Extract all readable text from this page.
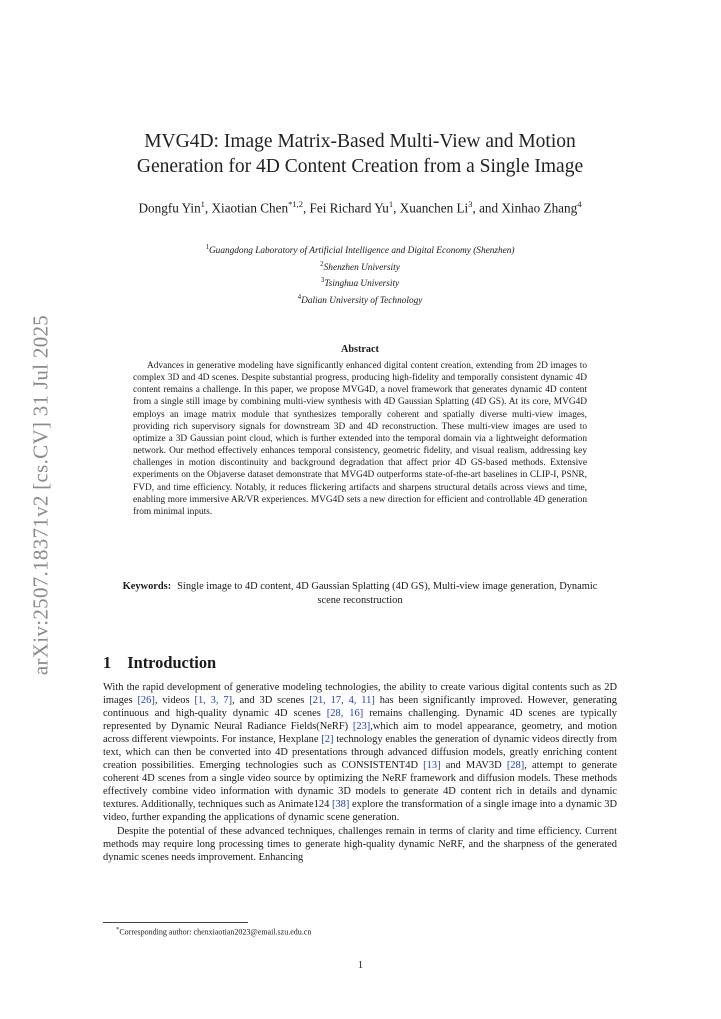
arXiv:2507.18371v2 [cs.CV] 31 Jul 2025
MVG4D: Image Matrix-Based Multi-View and Motion Generation for 4D Content Creation from a Single Image
Dongfu Yin$^1$, Xiaotian Chen$^{*1,2}$, Fei Richard Yu$^1$, Xuanchen Li$^3$, and Xinhao Zhang$^4$
$^1$Guangdong Laboratory of Artificial Intelligence and Digital Economy (Shenzhen)
$^2$Shenzhen University
$^3$Tsinghua University
$^4$Dalian University of Technology
Abstract
Advances in generative modeling have significantly enhanced digital content creation, extending from 2D images to complex 3D and 4D scenes. Despite substantial progress, producing high-fidelity and temporally consistent dynamic 4D content remains a challenge. In this paper, we propose MVG4D, a novel framework that generates dynamic 4D content from a single still image by combining multi-view synthesis with 4D Gaussian Splatting (4D GS). At its core, MVG4D employs an image matrix module that synthesizes temporally coherent and spatially diverse multi-view images, providing rich supervisory signals for downstream 3D and 4D reconstruction. These multi-view images are used to optimize a 3D Gaussian point cloud, which is further extended into the temporal domain via a lightweight deformation network. Our method effectively enhances temporal consistency, geometric fidelity, and visual realism, addressing key challenges in motion discontinuity and background degradation that affect prior 4D GS-based methods. Extensive experiments on the Objaverse dataset demonstrate that MVG4D outperforms state-of-the-art baselines in CLIP-I, PSNR, FVD, and time efficiency. Notably, it reduces flickering artifacts and sharpens structural details across views and time, enabling more immersive AR/VR experiences. MVG4D sets a new direction for efficient and controllable 4D generation from minimal inputs.
Keywords: Single image to 4D content, 4D Gaussian Splatting (4D GS), Multi-view image generation, Dynamic scene reconstruction
1 Introduction

With the rapid development of generative modeling technologies, the ability to create various digital contents such as 2D images [26], videos [1, 3, 7], and 3D scenes [21, 17, 4, 11] has been significantly improved. However, generating continuous and high-quality dynamic 4D scenes [28, 16] remains challenging. Dynamic 4D scenes are typically represented by Dynamic Neural Radiance Fields(NeRF) [23],which aim to model appearance, geometry, and motion across different viewpoints. For instance, Hexplane [2] technology enables the generation of dynamic videos directly from text, which can then be converted into 4D presentations through advanced diffusion models, greatly enriching content creation possibilities. Emerging technologies such as CONSISTENT4D [13] and MAV3D [28], attempt to generate coherent 4D scenes from a single video source by optimizing the NeRF framework and diffusion models. These methods effectively combine video information with dynamic 3D models to generate 4D content rich in details and dynamic textures. Additionally, techniques such as Animate124 [38] explore the transformation of a single image into a dynamic 3D video, further expanding the applications of dynamic scene generation.

Despite the potential of these advanced techniques, challenges remain in terms of clarity and time efficiency. Current methods may require long processing times to generate high-quality dynamic NeRF, and the sharpness of the generated dynamic scenes needs improvement. Enhancing

*Corresponding author: chenxiaotian2023@email.szu.edu.cn
1
